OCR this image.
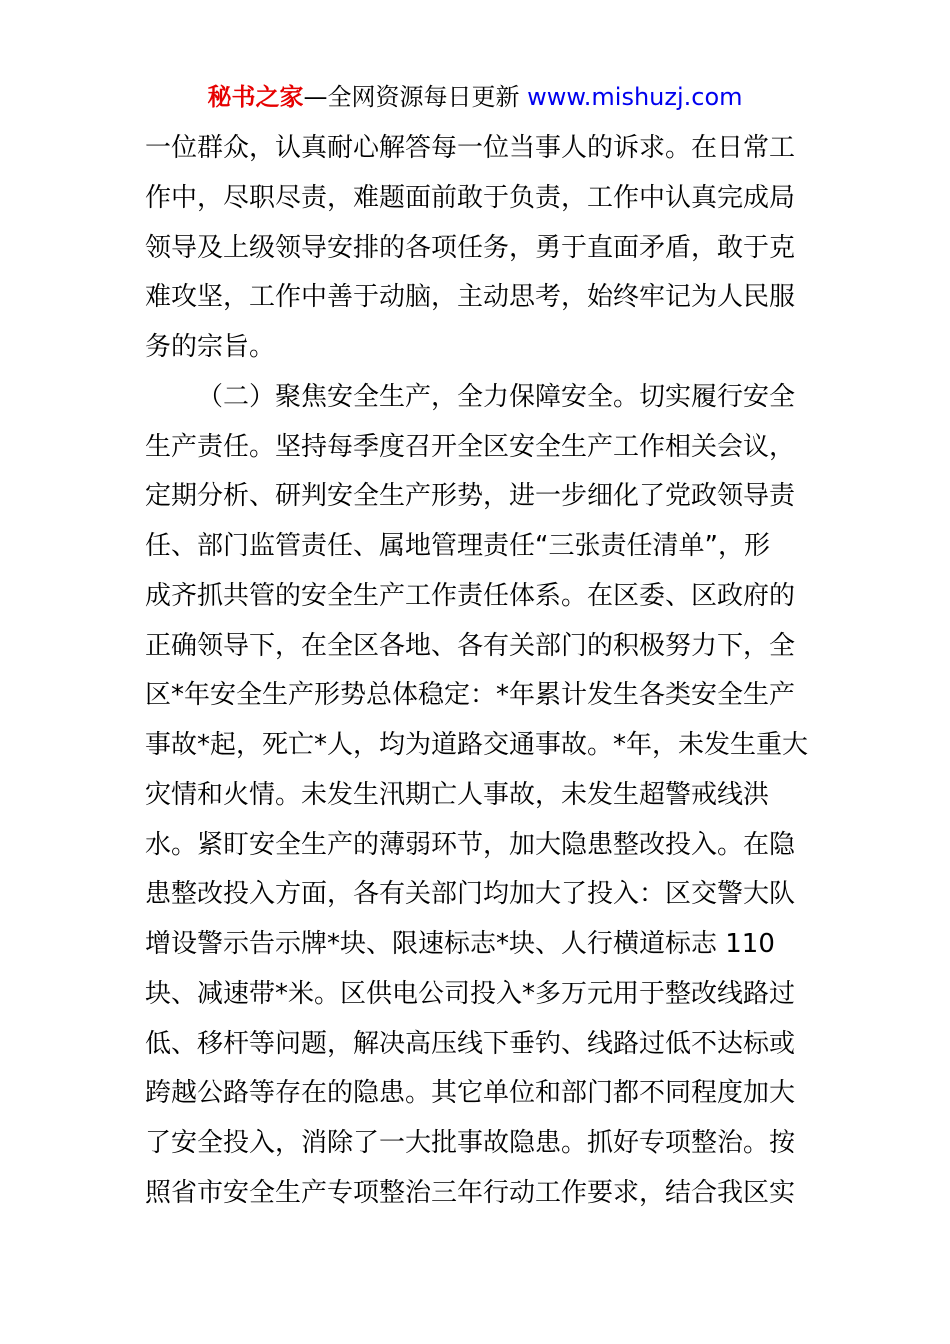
秘书之家—全网资源每日更新 www.mishuzj.com
一位群众，认真耐心解答每一位当事人的诉求。在日常工
作中，尽职尽责，难题面前敢于负责，工作中认真完成局
领导及上级领导安排的各项任务，勇于直面矛盾，敢于克
难攻坚，工作中善于动脑，主动思考，始终牢记为人民服
务的宗旨。
（二）聚焦安全生产，全力保障安全。切实履行安全
生产责任。坚持每季度召开全区安全生产工作相关会议，
定期分析、研判安全生产形势，进一步细化了党政领导责
任、部门监管责任、属地管理责任“三张责任清单”，形
成齐抓共管的安全生产工作责任体系。在区委、区政府的
正确领导下，在全区各地、各有关部门的积极努力下，全
区*年安全生产形势总体稳定：*年累计发生各类安全生产
事故*起，死亡*人，均为道路交通事故。*年，未发生重大
灾情和火情。未发生汛期亡人事故，未发生超警戒线洪
水。紧盯安全生产的薄弱环节，加大隐患整改投入。在隐
患整改投入方面，各有关部门均加大了投入：区交警大队
增设警示告示牌*块、限速标志*块、人行横道标志 110
块、减速带*米。区供电公司投入*多万元用于整改线路过
低、移杆等问题，解决高压线下垂钓、线路过低不达标或
跨越公路等存在的隐患。其它单位和部门都不同程度加大
了安全投入，消除了一大批事故隐患。抓好专项整治。按
照省市安全生产专项整治三年行动工作要求，结合我区实
